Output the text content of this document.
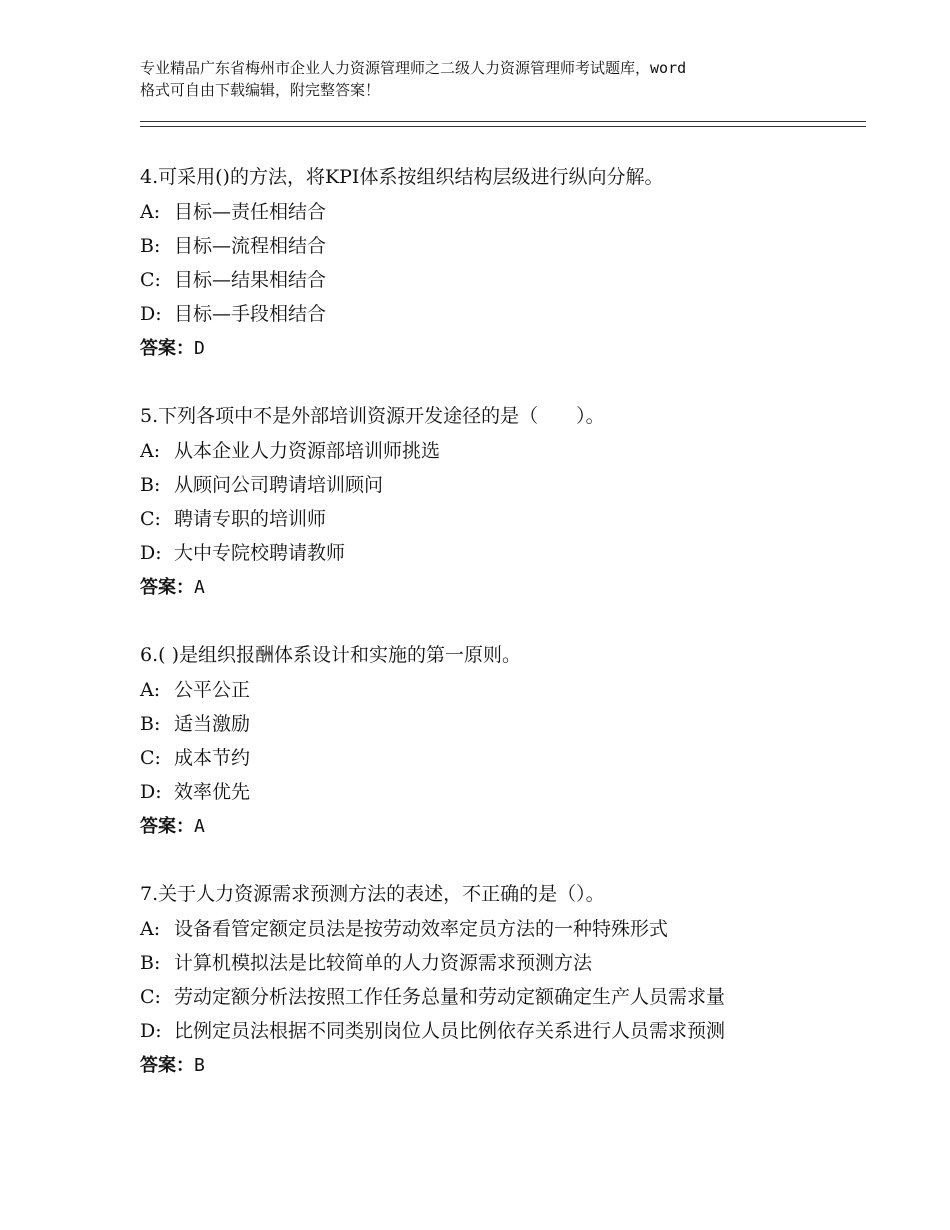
专业精品广东省梅州市企业人力资源管理师之二级人力资源管理师考试题库，word
格式可自由下载编辑，附完整答案！
4.可采用()的方法，将KPI体系按组织结构层级进行纵向分解。
A: 目标—责任相结合
B: 目标—流程相结合
C: 目标—结果相结合
D: 目标—手段相结合
答案：D
5.下列各项中不是外部培训资源开发途径的是（　　）。
A: 从本企业人力资源部培训师挑选
B: 从顾问公司聘请培训顾问
C: 聘请专职的培训师
D: 大中专院校聘请教师
答案：A
6.( )是组织报酬体系设计和实施的第一原则。
A: 公平公正
B: 适当激励
C: 成本节约
D: 效率优先
答案：A
7.关于人力资源需求预测方法的表述，不正确的是（）。
A: 设备看管定额定员法是按劳动效率定员方法的一种特殊形式
B: 计算机模拟法是比较简单的人力资源需求预测方法
C: 劳动定额分析法按照工作任务总量和劳动定额确定生产人员需求量
D: 比例定员法根据不同类别岗位人员比例依存关系进行人员需求预测
答案：B
